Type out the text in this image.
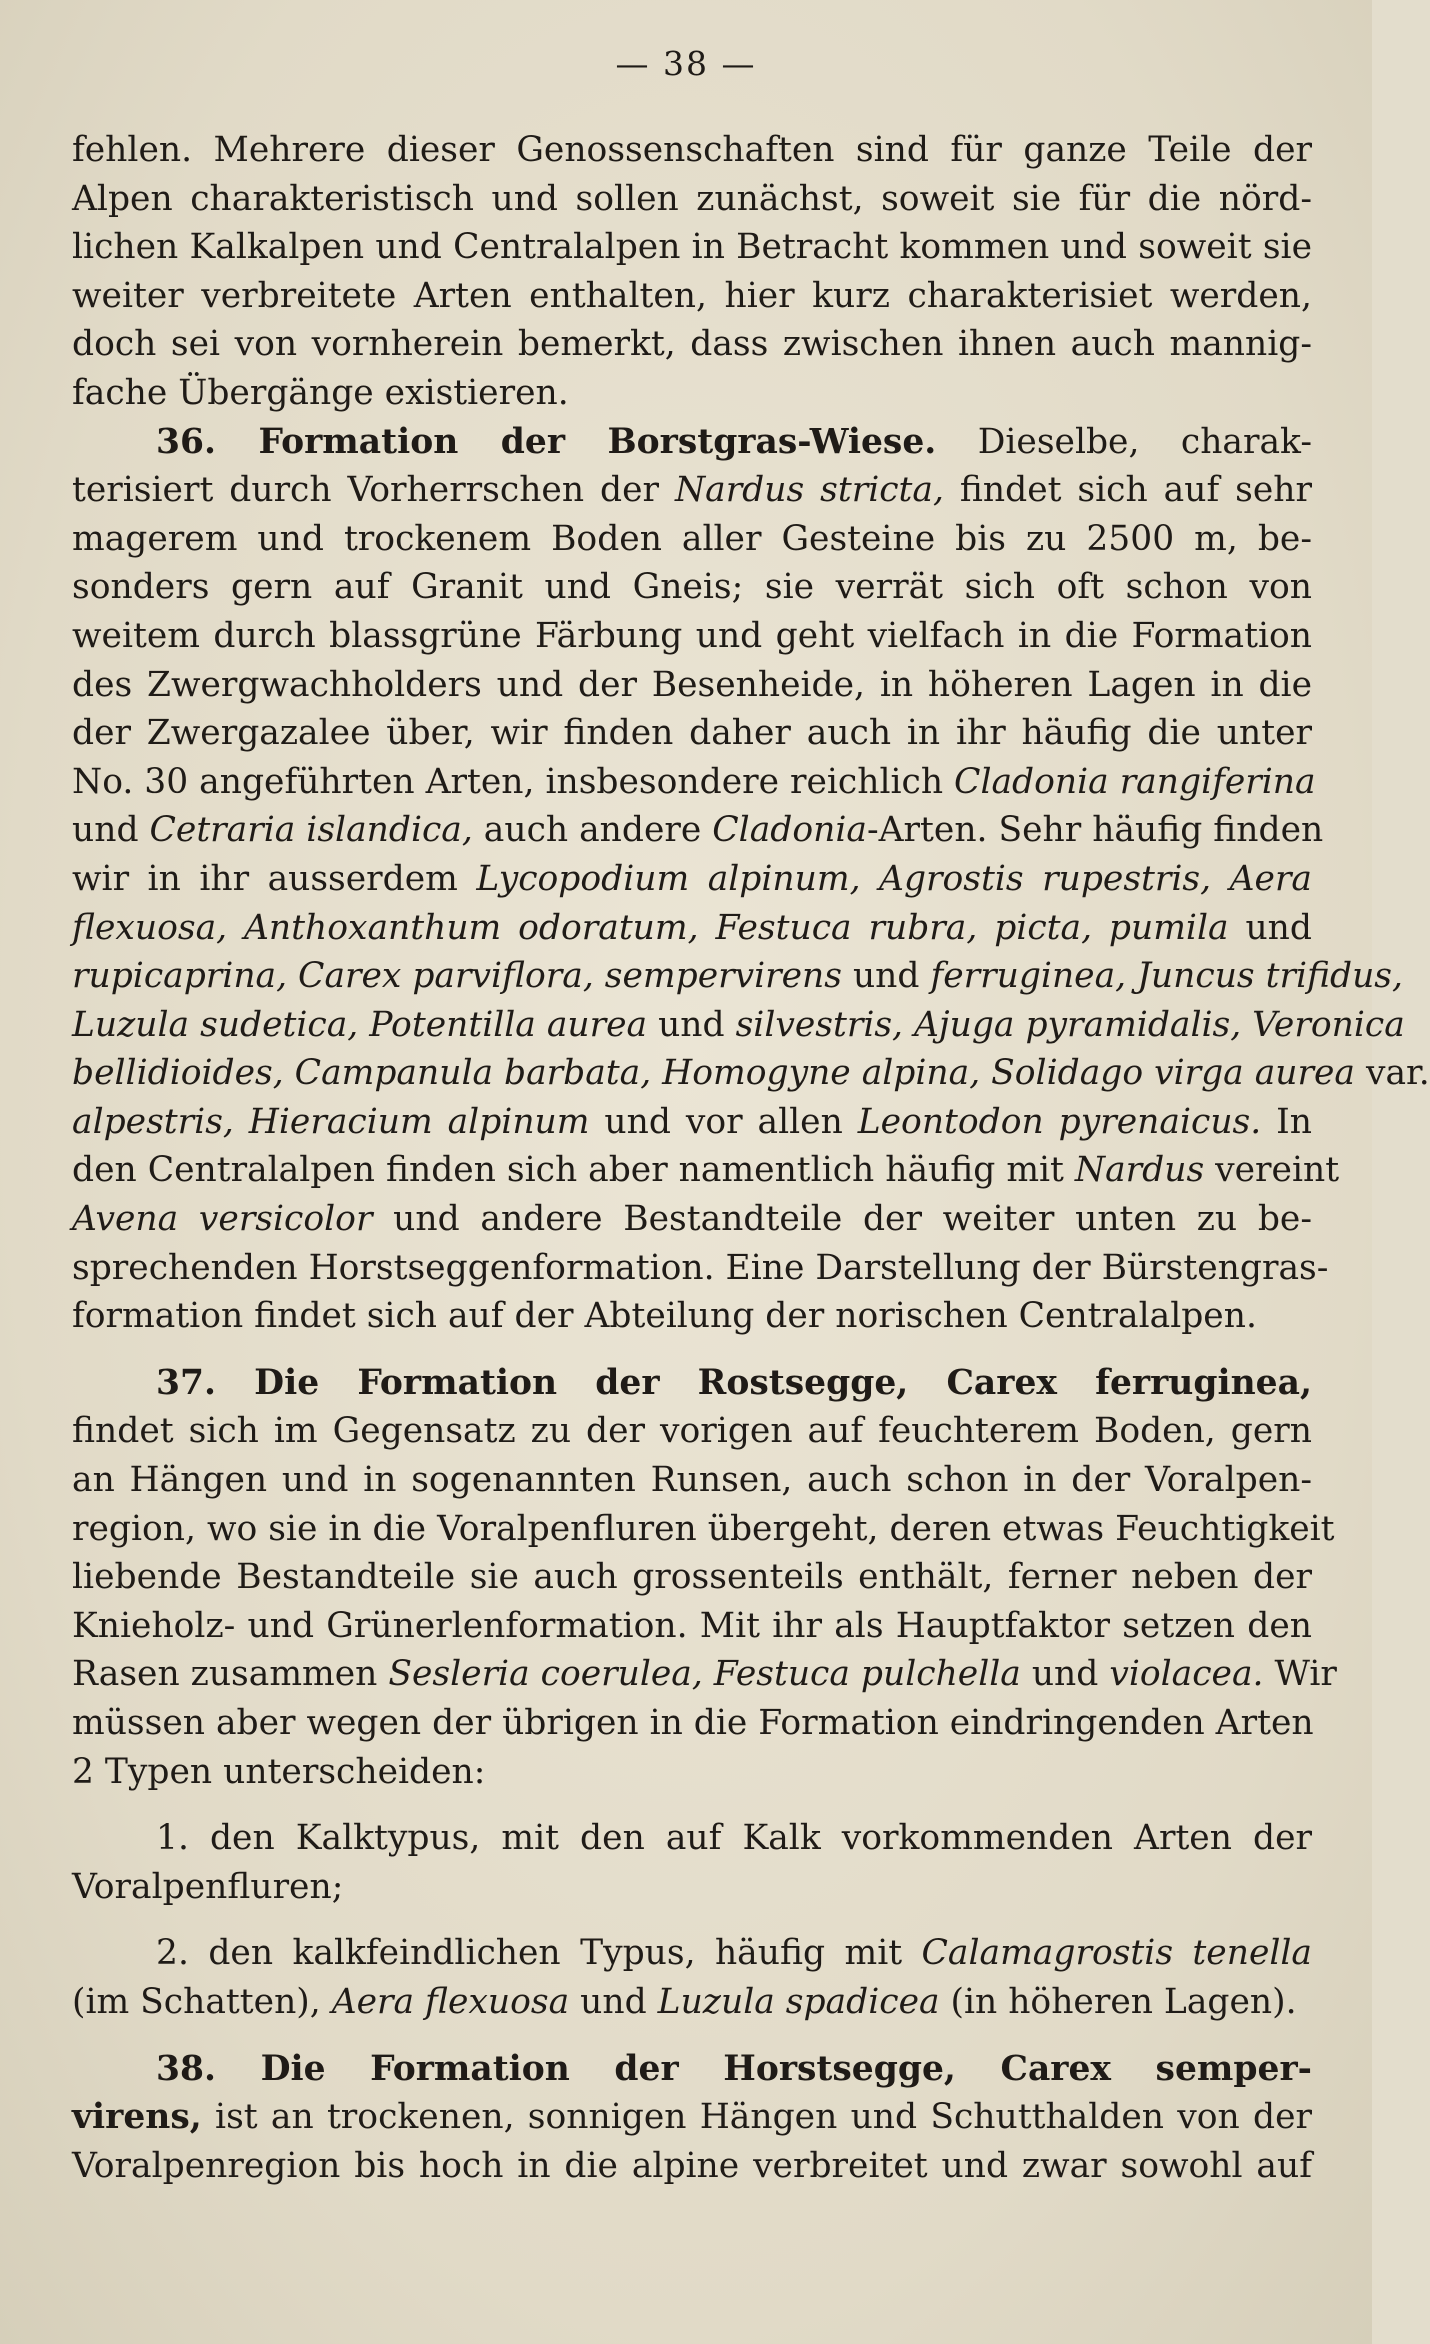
— 38 —
fehlen. Mehrere dieser Genossenschaften sind für ganze Teile der
Alpen charakteristisch und sollen zunächst, soweit sie für die nörd-
lichen Kalkalpen und Centralalpen in Betracht kommen und soweit sie
weiter verbreitete Arten enthalten, hier kurz charakterisiet werden,
doch sei von vornherein bemerkt, dass zwischen ihnen auch mannig-
fache Übergänge existieren.
36. Formation der Borstgras-Wiese. Dieselbe, charak-
terisiert durch Vorherrschen der Nardus stricta, findet sich auf sehr
magerem und trockenem Boden aller Gesteine bis zu 2500 m, be-
sonders gern auf Granit und Gneis; sie verrät sich oft schon von
weitem durch blassgrüne Färbung und geht vielfach in die Formation
des Zwergwachholders und der Besenheide, in höheren Lagen in die
der Zwergazalee über, wir finden daher auch in ihr häufig die unter
No. 30 angeführten Arten, insbesondere reichlich Cladonia rangiferina
und Cetraria islandica, auch andere Cladonia-Arten. Sehr häufig finden
wir in ihr ausserdem Lycopodium alpinum, Agrostis rupestris, Aera
flexuosa, Anthoxanthum odoratum, Festuca rubra, picta, pumila und
rupicaprina, Carex parviflora, sempervirens und ferruginea, Juncus trifidus,
Luzula sudetica, Potentilla aurea und silvestris, Ajuga pyramidalis, Veronica
bellidioides, Campanula barbata, Homogyne alpina, Solidago virga aurea var.
alpestris, Hieracium alpinum und vor allen Leontodon pyrenaicus. In
den Centralalpen finden sich aber namentlich häufig mit Nardus vereint
Avena versicolor und andere Bestandteile der weiter unten zu be-
sprechenden Horstseggenformation. Eine Darstellung der Bürstengras-
formation findet sich auf der Abteilung der norischen Centralalpen.
37. Die Formation der Rostsegge, Carex ferruginea,
findet sich im Gegensatz zu der vorigen auf feuchterem Boden, gern
an Hängen und in sogenannten Runsen, auch schon in der Voralpen-
region, wo sie in die Voralpenfluren übergeht, deren etwas Feuchtigkeit
liebende Bestandteile sie auch grossenteils enthält, ferner neben der
Knieholz- und Grünerlenformation. Mit ihr als Hauptfaktor setzen den
Rasen zusammen Sesleria coerulea, Festuca pulchella und violacea. Wir
müssen aber wegen der übrigen in die Formation eindringenden Arten
2 Typen unterscheiden:
1. den Kalktypus, mit den auf Kalk vorkommenden Arten der
Voralpenfluren;
2. den kalkfeindlichen Typus, häufig mit Calamagrostis tenella
(im Schatten), Aera flexuosa und Luzula spadicea (in höheren Lagen).
38. Die Formation der Horstsegge, Carex semper-
virens, ist an trockenen, sonnigen Hängen und Schutthalden von der
Voralpenregion bis hoch in die alpine verbreitet und zwar sowohl auf
